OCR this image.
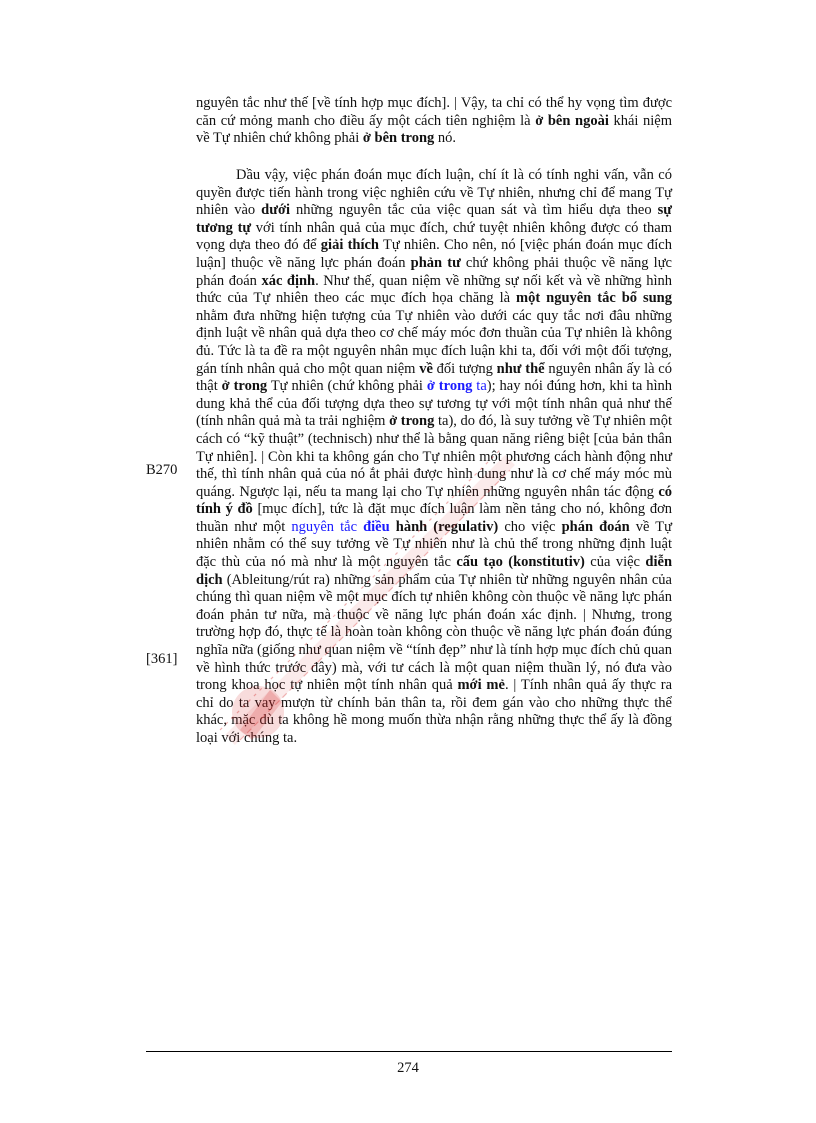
nguyên tắc như thế [về tính hợp mục đích]. | Vậy, ta chỉ có thể hy vọng tìm được căn cứ mỏng manh cho điều ấy một cách tiên nghiệm là ở bên ngoài khái niệm về Tự nhiên chứ không phải ở bên trong nó.
Dầu vậy, việc phán đoán mục đích luận, chí ít là có tính nghi vấn, vẫn có quyền được tiến hành trong việc nghiên cứu về Tự nhiên, nhưng chỉ để mang Tự nhiên vào dưới những nguyên tắc của việc quan sát và tìm hiểu dựa theo sự tương tự với tính nhân quả của mục đích, chứ tuyệt nhiên không được có tham vọng dựa theo đó để giải thích Tự nhiên. Cho nên, nó [việc phán đoán mục đích luận] thuộc về năng lực phán đoán phản tư chứ không phải thuộc về năng lực phán đoán xác định. Như thế, quan niệm về những sự nối kết và về những hình thức của Tự nhiên theo các mục đích họa chăng là một nguyên tắc bổ sung nhằm đưa những hiện tượng của Tự nhiên vào dưới các quy tắc nơi đâu những định luật về nhân quả dựa theo cơ chế máy móc đơn thuần của Tự nhiên là không đủ. Tức là ta đề ra một nguyên nhân mục đích luận khi ta, đối với một đối tượng, gán tính nhân quả cho một quan niệm về đối tượng như thể nguyên nhân ấy là có thật ở trong Tự nhiên (chứ không phải ở trong ta); hay nói đúng hơn, khi ta hình dung khả thể của đối tượng dựa theo sự tương tự với một tính nhân quả như thế (tính nhân quả mà ta trải nghiệm ở trong ta), do đó, là suy tưởng về Tự nhiên một cách có “kỹ thuật” (technisch) như thể là bằng quan năng riêng biệt [của bản thân Tự nhiên]. | Còn khi ta không gán cho Tự nhiên một phương cách hành động như thế, thì tính nhân quả của nó ắt phải được hình dung như là cơ chế máy móc mù quáng. Ngược lại, nếu ta mang lại cho Tự nhiên những nguyên nhân tác động có tính ý đồ [mục đích], tức là đặt mục đích luận làm nền tảng cho nó, không đơn thuần như một nguyên tắc điều hành (regulativ) cho việc phán đoán về Tự nhiên nhằm có thể suy tưởng về Tự nhiên như là chủ thể trong những định luật đặc thù của nó mà như là một nguyên tắc cấu tạo (konstitutiv) của việc diễn dịch (Ableitung/rút ra) những sản phẩm của Tự nhiên từ những nguyên nhân của chúng thì quan niệm về một mục đích tự nhiên không còn thuộc về năng lực phán đoán phản tư nữa, mà thuộc về năng lực phán đoán xác định. | Nhưng, trong trường hợp đó, thực tế là hoàn toàn không còn thuộc về năng lực phán đoán đúng nghĩa nữa (giống như quan niệm về “tính đẹp” như là tính hợp mục đích chủ quan về hình thức trước đây) mà, với tư cách là một quan niệm thuần lý, nó đưa vào trong khoa học tự nhiên một tính nhân quả mới mẻ. | Tính nhân quả ấy thực ra chỉ do ta vay mượn từ chính bản thân ta, rồi đem gán vào cho những thực thể khác, mặc dù ta không hề mong muốn thừa nhận rằng những thực thể ấy là đồng loại với chúng ta.
B270
[361]
274
